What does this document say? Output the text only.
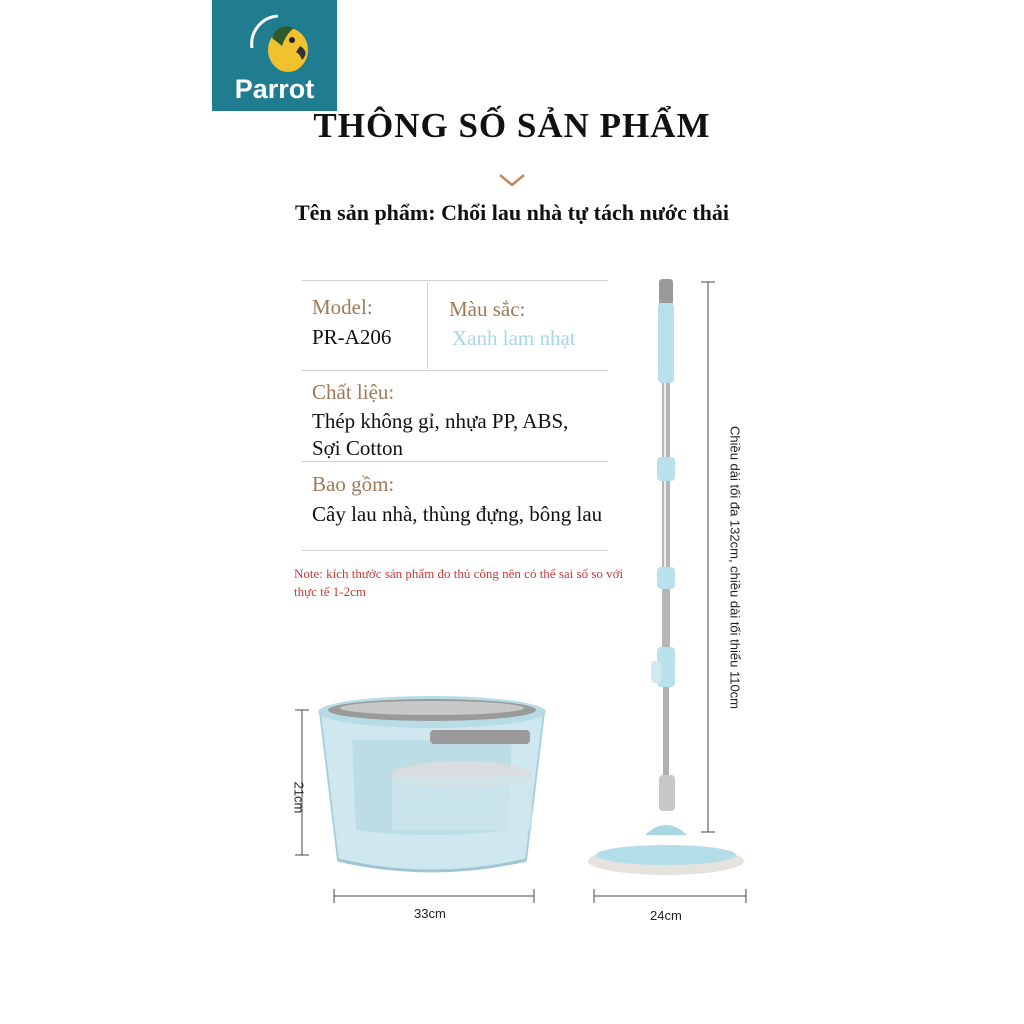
Parrot
THÔNG SỐ SẢN PHẨM
Tên sản phẩm: Chổi lau nhà tự tách nước thải
Model:
PR-A206
Màu sắc:
Xanh lam nhạt
Chất liệu:
Thép không gỉ, nhựa PP, ABS,
Sợi Cotton
Bao gồm:
Cây lau nhà, thùng đựng, bông lau
Note: kích thước sản phẩm đo thủ công nên có thể sai số so với thực tế 1-2cm	Chiều dài tối đa 132cm, chiều dài tối thiểu 110cm
21cm
33cm	24cm
